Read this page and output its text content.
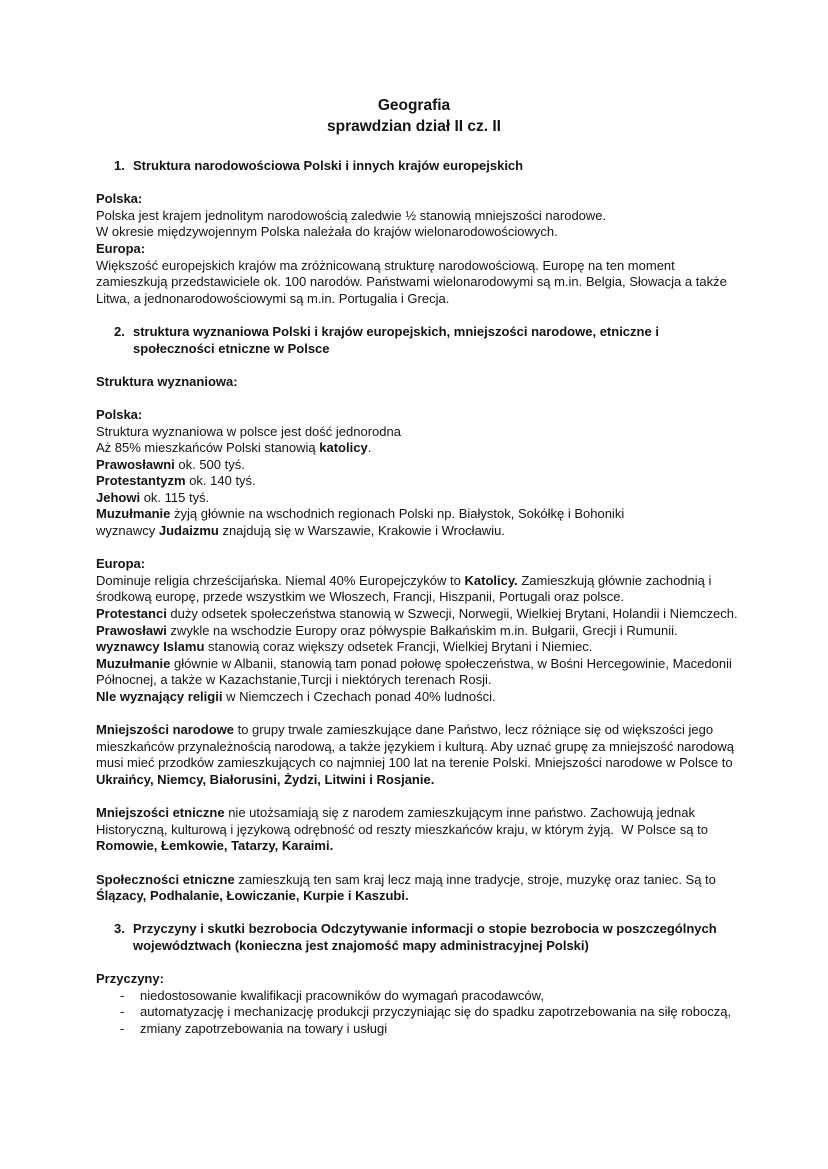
Geografia
sprawdzian dział II cz. II
1. Struktura narodowościowa Polski i innych krajów europejskich
Polska:
Polska jest krajem jednolitym narodowością zaledwie ½ stanowią mniejszości narodowe.
W okresie międzywojennym Polska należała do krajów wielonarodowościowych.
Europa:
Większość europejskich krajów ma zróżnicowaną strukturę narodowościową. Europę na ten moment
zamieszkują przedstawiciele ok. 100 narodów. Państwami wielonarodowymi są m.in. Belgia, Słowacja a także
Litwa, a jednonarodowościowymi są m.in. Portugalia i Grecja.
2. struktura wyznaniowa Polski i krajów europejskich, mniejszości narodowe, etniczne i
społeczności etniczne w Polsce
Struktura wyznaniowa:
Polska:
Struktura wyznaniowa w polsce jest dość jednorodna
Aż 85% mieszkańców Polski stanowią katolicy.
Prawosławni ok. 500 tyś.
Protestantyzm ok. 140 tyś.
Jehowi ok. 115 tyś.
Muzułmanie żyją głównie na wschodnich regionach Polski np. Białystok, Sokółkę i Bohoniki
wyznawcy Judaizmu znajdują się w Warszawie, Krakowie i Wrocławiu.
Europa:
Dominuje religia chrześcijańska. Niemal 40% Europejczyków to Katolicy. Zamieszkują głównie zachodnią i
środkową europę, przede wszystkim we Włoszech, Francji, Hiszpanii, Portugali oraz polsce.
Protestanci duży odsetek społeczeństwa stanowią w Szwecji, Norwegii, Wielkiej Brytani, Holandii i Niemczech.
Prawosławi zwykle na wschodzie Europy oraz półwyspie Bałkańskim m.in. Bułgarii, Grecji i Rumunii.
wyznawcy Islamu stanowią coraz większy odsetek Francji, Wielkiej Brytani i Niemiec.
Muzułmanie głównie w Albanii, stanowią tam ponad połowę społeczeństwa, w Bośni Hercegowinie, Macedonii
Północnej, a także w Kazachstanie,Turcji i niektórych terenach Rosji.
Nle wyznający religii w Niemczech i Czechach ponad 40% ludności.
Mniejszości narodowe to grupy trwale zamieszkujące dane Państwo, lecz różniące się od większości jego
mieszkańców przynależnością narodową, a także językiem i kulturą. Aby uznać grupę za mniejszość narodową
musi mieć przodków zamieszkujących co najmniej 100 lat na terenie Polski. Mniejszości narodowe w Polsce to
Ukraińcy, Niemcy, Białorusini, Żydzi, Litwini i Rosjanie.
Mniejszości etniczne nie utożsamiają się z narodem zamieszkującym inne państwo. Zachowują jednak
Historyczną, kulturową i językową odrębność od reszty mieszkańców kraju, w którym żyją.  W Polsce są to
Romowie, Łemkowie, Tatarzy, Karaimi.
Społeczności etniczne zamieszkują ten sam kraj lecz mają inne tradycje, stroje, muzykę oraz taniec. Są to
Ślązacy, Podhalanie, Łowiczanie, Kurpie i Kaszubi.
3. Przyczyny i skutki bezrobocia Odczytywanie informacji o stopie bezrobocia w poszczególnych
województwach (konieczna jest znajomość mapy administracyjnej Polski)
Przyczyny:
- niedostosowanie kwalifikacji pracowników do wymagań pracodawców,
- automatyzację i mechanizację produkcji przyczyniając się do spadku zapotrzebowania na siłę roboczą,
- zmiany zapotrzebowania na towary i usługi
